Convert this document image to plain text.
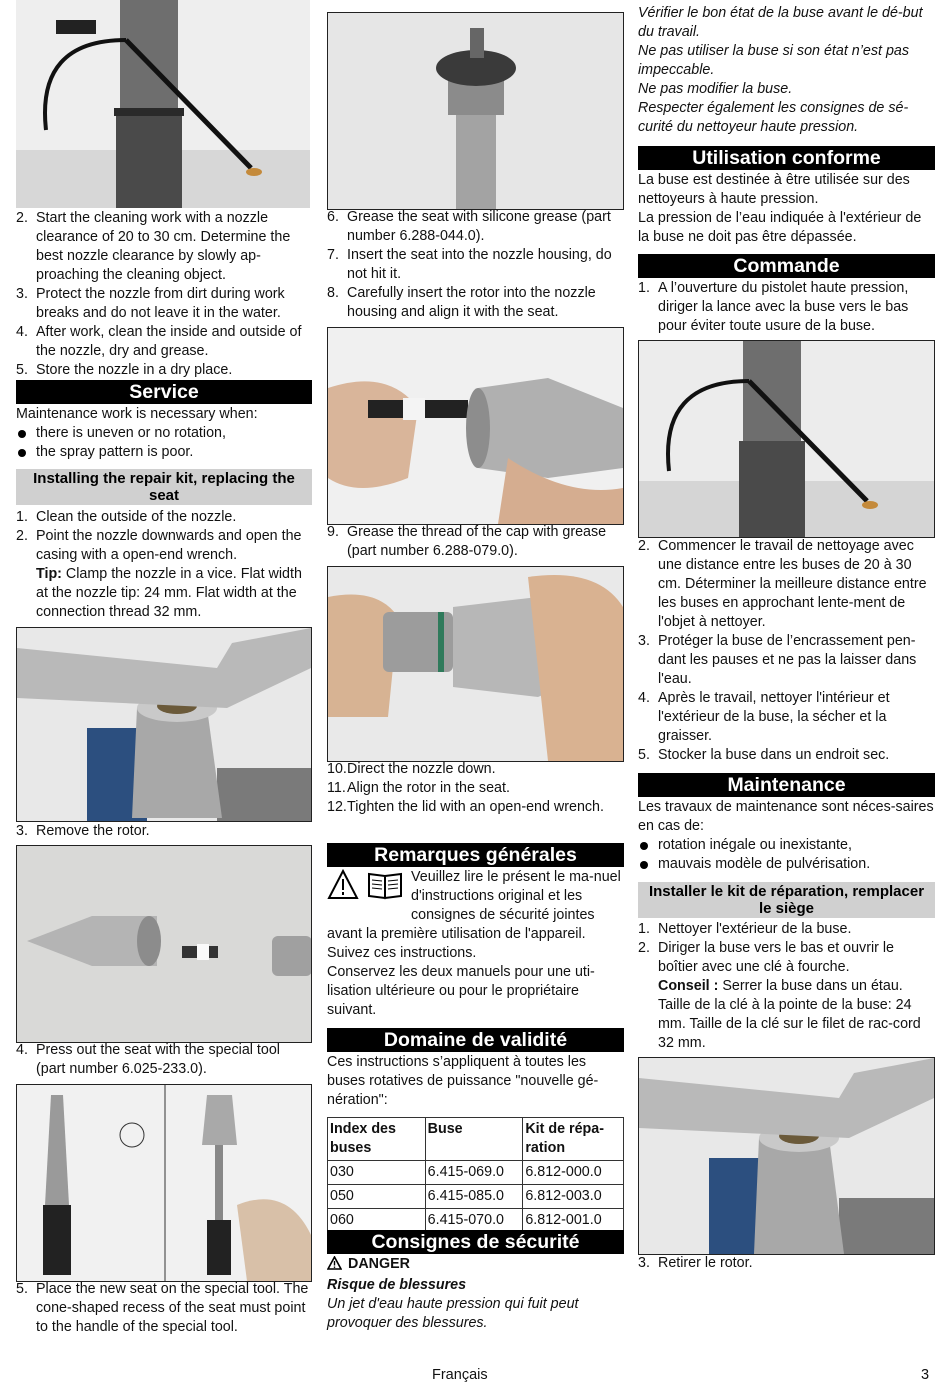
2. Start the cleaning work with a nozzle clearance of 20 to 30 cm. Determine the best nozzle clearance by slowly ap-proaching the cleaning object.
3. Protect the nozzle from dirt during work breaks and do not leave it in the water.
4. After work, clean the inside and outside of the nozzle, dry and grease.
5. Store the nozzle in a dry place.
Service

Maintenance work is necessary when:

there is uneven or no rotation,
the spray pattern is poor.
Installing the repair kit, replacing the seat
1. Clean the outside of the nozzle.
2. Point the nozzle downwards and open the casing with a open-end wrench.
Tip: Clamp the nozzle in a vice. Flat width at the nozzle tip: 24 mm. Flat width at the connection thread 32 mm.
3. Remove the rotor.
4. Press out the seat with the special tool (part number 6.025-233.0).
5. Place the new seat on the special tool. The cone-shaped recess of the seat must point to the handle of the special tool.
6. Grease the seat with silicone grease (part number 6.288-044.0).
7. Insert the seat into the nozzle housing, do not hit it.
8. Carefully insert the rotor into the nozzle housing and align it with the seat.
9. Grease the thread of the cap with grease (part number 6.288-079.0).
10. Direct the nozzle down.
11. Align the rotor in the seat.
12. Tighten the lid with an open-end wrench.
Remarques générales

Veuillez lire le présent le ma-nuel d'instructions original et les consignes de sécurité jointes avant la première utilisation de l'appareil. Suivez ces instructions.

Conservez les deux manuels pour une uti-lisation ultérieure ou pour le propriétaire suivant.

Domaine de validité

Ces instructions s’appliquent à toutes les buses rotatives de puissance "nouvelle gé-nération":

Index des buses	Buse	Kit de répa-ration
030	6.415-069.0	6.812-000.0
050	6.415-085.0	6.812-003.0
060	6.415-070.0	6.812-001.0
Consignes de sécurité

DANGER

Risque de blessures

Un jet d'eau haute pression qui fuit peut provoquer des blessures.

Vérifier le bon état de la buse avant le dé-but du travail.

Ne pas utiliser la buse si son état n’est pas impeccable.

Ne pas modifier la buse.

Respecter également les consignes de sé-curité du nettoyeur haute pression.

Utilisation conforme

La buse est destinée à être utilisée sur des nettoyeurs à haute pression.

La pression de l’eau indiquée à l'extérieur de la buse ne doit pas être dépassée.

Commande
1. A l’ouverture du pistolet haute pression, diriger la lance avec la buse vers le bas pour éviter toute usure de la buse.
2. Commencer le travail de nettoyage avec une distance entre les buses de 20 à 30 cm. Déterminer la meilleure distance entre les buses en approchant lente-ment de l'objet à nettoyer.
3. Protéger la buse de l’encrassement pen-dant les pauses et ne pas la laisser dans l'eau.
4. Après le travail, nettoyer l'intérieur et l'extérieur de la buse, la sécher et la graisser.
5. Stocker la buse dans un endroit sec.
Maintenance

Les travaux de maintenance sont néces-saires en cas de:

rotation inégale ou inexistante,
mauvais modèle de pulvérisation.
Installer le kit de réparation, remplacer le siège
1. Nettoyer l'extérieur de la buse.
2. Diriger la buse vers le bas et ouvrir le boîtier avec une clé à fourche.
Conseil : Serrer la buse dans un étau. Taille de la clé à la pointe de la buse: 24 mm. Taille de la clé sur le filet de rac-cord 32 mm.
3. Retirer le rotor.
Français	3
